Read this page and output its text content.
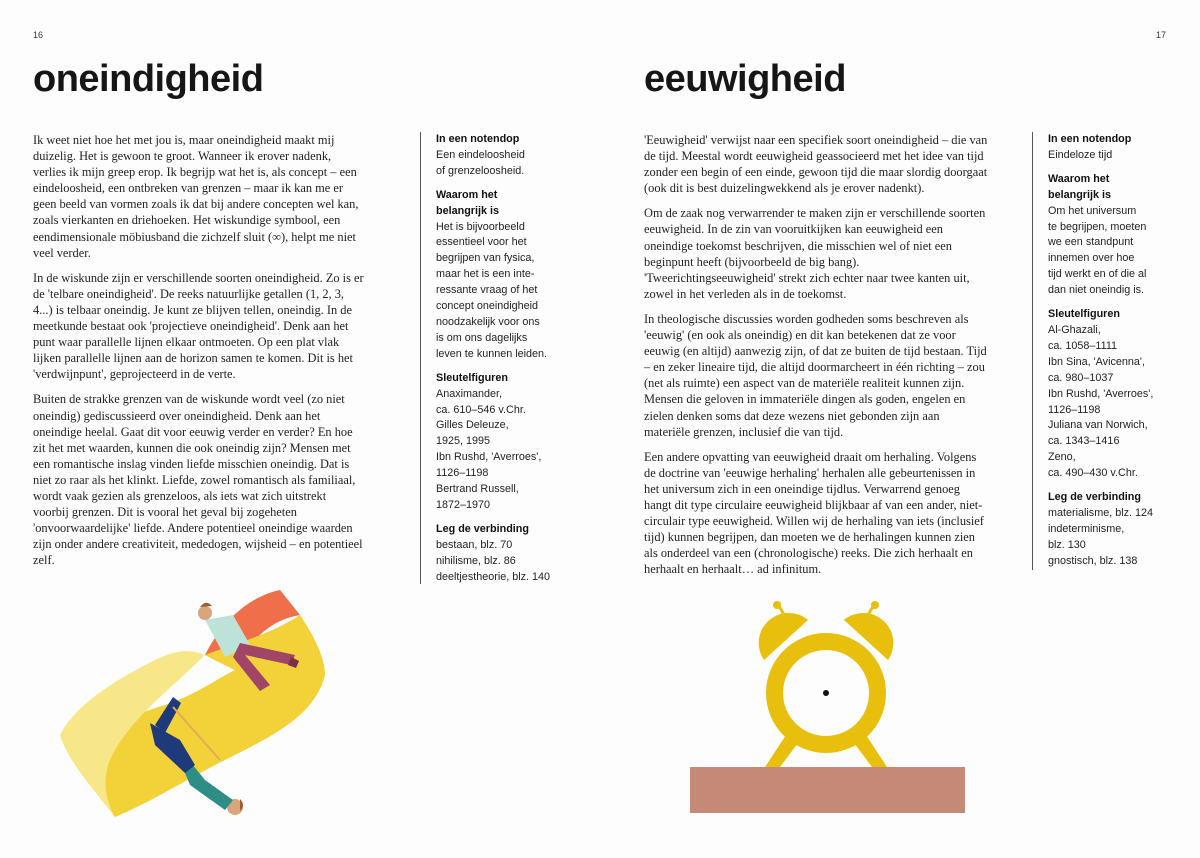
16
oneindigheid

Ik weet niet hoe het met jou is, maar oneindigheid maakt mij duizelig. Het is gewoon te groot. Wanneer ik erover nadenk, verlies ik mijn greep erop. Ik begrijp wat het is, als concept – een eindeloosheid, een ontbreken van grenzen – maar ik kan me er geen beeld van vormen zoals ik dat bij andere concepten wel kan, zoals vierkanten en driehoeken. Het wiskundige symbool, een eendimensionale möbiusband die zichzelf sluit (∞), helpt me niet veel verder.

In de wiskunde zijn er verschillende soorten oneindigheid. Zo is er de 'telbare oneindigheid'. De reeks natuurlijke getallen (1, 2, 3, 4...) is telbaar oneindig. Je kunt ze blijven tellen, oneindig. In de meetkunde bestaat ook 'projectieve oneindigheid'. Denk aan het punt waar parallelle lijnen elkaar ontmoeten. Op een plat vlak lijken parallelle lijnen aan de horizon samen te komen. Dit is het 'verdwijnpunt', geprojecteerd in de verte.

Buiten de strakke grenzen van de wiskunde wordt veel (zo niet oneindig) gediscussieerd over oneindigheid. Denk aan het oneindige heelal. Gaat dit voor eeuwig verder en verder? En hoe zit het met waarden, kunnen die ook oneindig zijn? Mensen met een romantische inslag vinden liefde misschien oneindig. Dat is niet zo raar als het klinkt. Liefde, zowel romantisch als familiaal, wordt vaak gezien als grenzeloos, als iets wat zich uitstrekt voorbij grenzen. Dit is vooral het geval bij zogeheten 'onvoorwaardelijke' liefde. Andere potentieel oneindige waarden zijn onder andere creativiteit, mededogen, wijsheid – en potentieel zelf.

In een notendop

Een eindeloosheid
of grenzeloosheid.

Waarom het
belangrijk is

Het is bijvoorbeeld
essentieel voor het
begrijpen van fysica,
maar het is een inte-
ressante vraag of het
concept oneindigheid
noodzakelijk voor ons
is om ons dagelijks
leven te kunnen leiden.

Sleutelfiguren

Anaximander,
ca. 610–546 v.Chr.
Gilles Deleuze,
1925, 1995
Ibn Rushd, 'Averroes',
1126–1198
Bertrand Russell,
1872–1970

Leg de verbinding

bestaan, blz. 70
nihilisme, blz. 86
deeltjestheorie, blz. 140

17
eeuwigheid

'Eeuwigheid' verwijst naar een specifiek soort oneindigheid – die van de tijd. Meestal wordt eeuwigheid geassocieerd met het idee van tijd zonder een begin of een einde, gewoon tijd die maar slordig doorgaat (ook dit is best duizelingwekkend als je erover nadenkt).

Om de zaak nog verwarrender te maken zijn er verschillende soorten eeuwigheid. In de zin van vooruitkijken kan eeuwigheid een oneindige toekomst beschrijven, die misschien wel of niet een beginpunt heeft (bijvoorbeeld de big bang). 'Tweerichtingseeuwigheid' strekt zich echter naar twee kanten uit, zowel in het verleden als in de toekomst.

In theologische discussies worden godheden soms beschreven als 'eeuwig' (en ook als oneindig) en dit kan betekenen dat ze voor eeuwig (en altijd) aanwezig zijn, of dat ze buiten de tijd bestaan. Tijd – en zeker lineaire tijd, die altijd doormarcheert in één richting – zou (net als ruimte) een aspect van de materiële realiteit kunnen zijn. Mensen die geloven in immateriële dingen als goden, engelen en zielen denken soms dat deze wezens niet gebonden zijn aan materiële grenzen, inclusief die van tijd.

Een andere opvatting van eeuwigheid draait om herhaling. Volgens de doctrine van 'eeuwige herhaling' herhalen alle gebeurtenissen in het universum zich in een oneindige tijdlus. Verwarrend genoeg hangt dit type circulaire eeuwigheid blijkbaar af van een ander, niet-circulair type eeuwigheid. Willen wij de herhaling van iets (inclusief tijd) kunnen begrijpen, dan moeten we de herhalingen kunnen zien als onderdeel van een (chronologische) reeks. Die zich herhaalt en herhaalt en herhaalt… ad infinitum.

In een notendop

Eindeloze tijd

Waarom het
belangrijk is

Om het universum
te begrijpen, moeten
we een standpunt
innemen over hoe
tijd werkt en of die al
dan niet oneindig is.

Sleutelfiguren

Al-Ghazali,
ca. 1058–1111
Ibn Sina, 'Avicenna',
ca. 980–1037
Ibn Rushd, 'Averroes',
1126–1198
Juliana van Norwich,
ca. 1343–1416
Zeno,
ca. 490–430 v.Chr.

Leg de verbinding

materialisme, blz. 124
indeterminisme,
blz. 130
gnostisch, blz. 138
